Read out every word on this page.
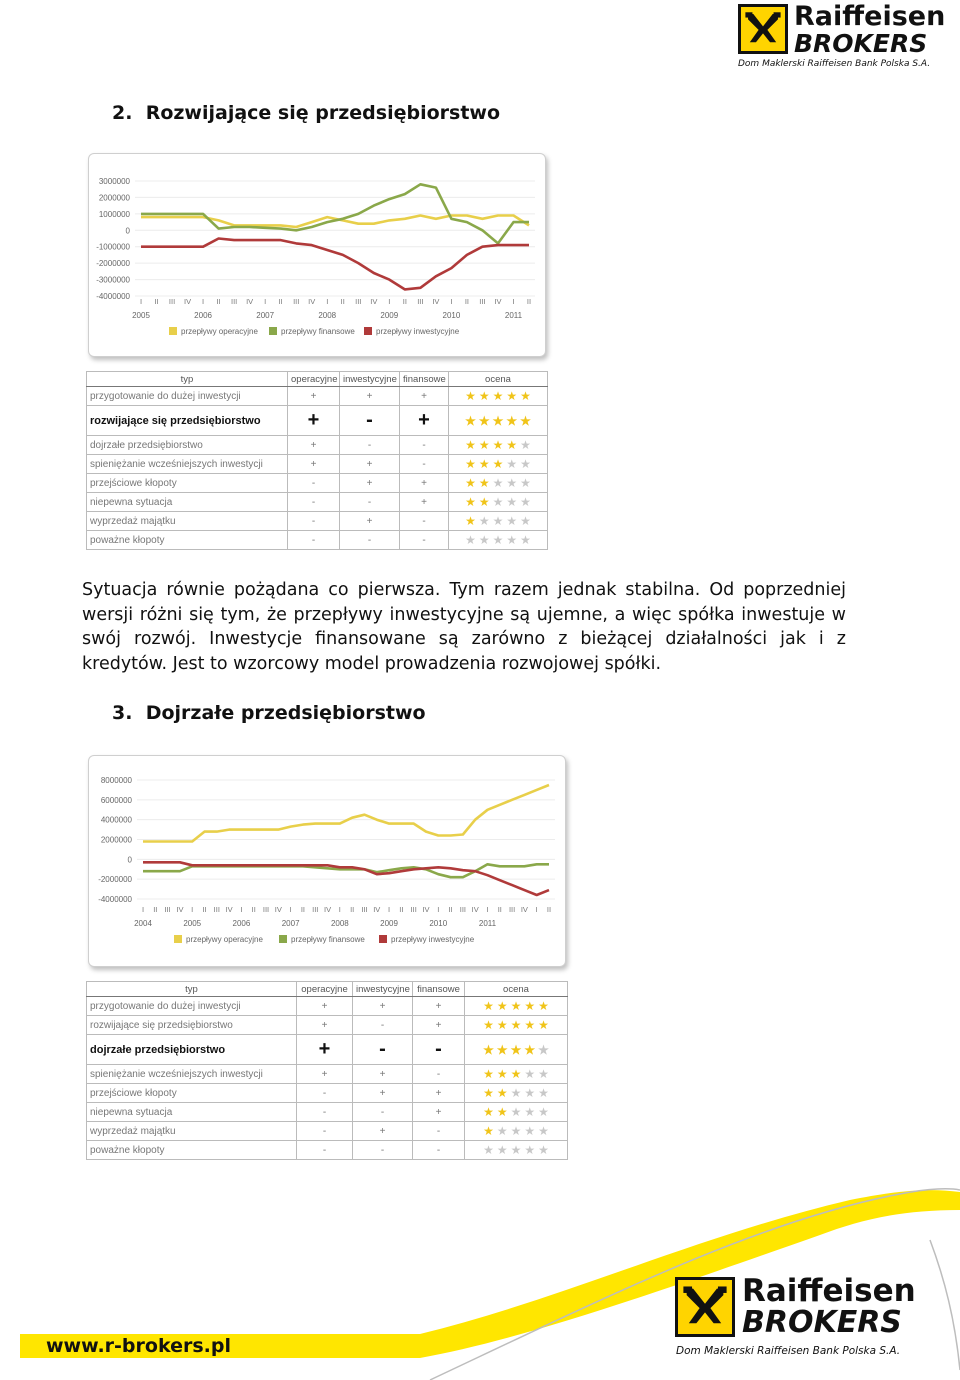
Raiffeisen
BROKERS
Dom Maklerski Raiffeisen Bank Polska S.A.
2. Rozwijające się przedsiębiorstwo
3000000
2000000
1000000
0
-1000000
-2000000
-3000000
-4000000
I II III IV I II III IV I II III IV I II III IV I II III IV I II III IV I II
2005	2006	2007	2008	2009	2010	2011
przepływy operacyjne	przepływy finansowe	przepływy inwestycyjne
typ	operacyjne	inwestycyjne	finansowe	ocena
przygotowanie do dużej inwestycji	+	+	+	★ ★ ★ ★ ★

rozwijające się przedsiębiorstwo	+	-	+	★ ★ ★ ★ ★

dojrzałe przedsiębiorstwo	+	-	-	★ ★ ★ ★ ★

spieniężanie wcześniejszych inwestycji	+	+	-	★ ★ ★ ★ ★

przejściowe kłopoty	-	+	+	★ ★ ★ ★ ★

niepewna sytuacja	-	-	+	★ ★ ★ ★ ★

wyprzedaż majątku	-	+	-	★ ★ ★ ★ ★

poważne kłopoty	-	-	-	★ ★ ★ ★ ★
Sytuacja równie pożądana co pierwsza. Tym razem jednak stabilna. Od poprzedniej wersji różni się tym, że przepływy inwestycyjne są ujemne, a więc spółka inwestuje w swój rozwój. Inwestycje finansowane są zarówno z bieżącej działalności jak i z kredytów. Jest to wzorcowy model prowadzenia rozwojowej spółki.
3. Dojrzałe przedsiębiorstwo
8000000
6000000
4000000
2000000
0
-2000000
-4000000
I II III IV I II III IV I II III IV I II III IV I II III IV I II III IV I II III IV I II III IV I II
2004	2005	2006	2007	2008	2009	2010	2011
przepływy operacyjne	przepływy finansowe	przepływy inwestycyjne
typ	operacyjne	inwestycyjne	finansowe	ocena
przygotowanie do dużej inwestycji	+	+	+	★ ★ ★ ★ ★

rozwijające się przedsiębiorstwo	+	-	+	★ ★ ★ ★ ★

dojrzałe przedsiębiorstwo	+	-	-	★ ★ ★ ★ ★

spieniężanie wcześniejszych inwestycji	+	+	-	★ ★ ★ ★ ★

przejściowe kłopoty	-	+	+	★ ★ ★ ★ ★

niepewna sytuacja	-	-	+	★ ★ ★ ★ ★

wyprzedaż majątku	-	+	-	★ ★ ★ ★ ★

poważne kłopoty	-	-	-	★ ★ ★ ★ ★
www.r-brokers.pl
Raiffeisen
BROKERS
Dom Maklerski Raiffeisen Bank Polska S.A.
